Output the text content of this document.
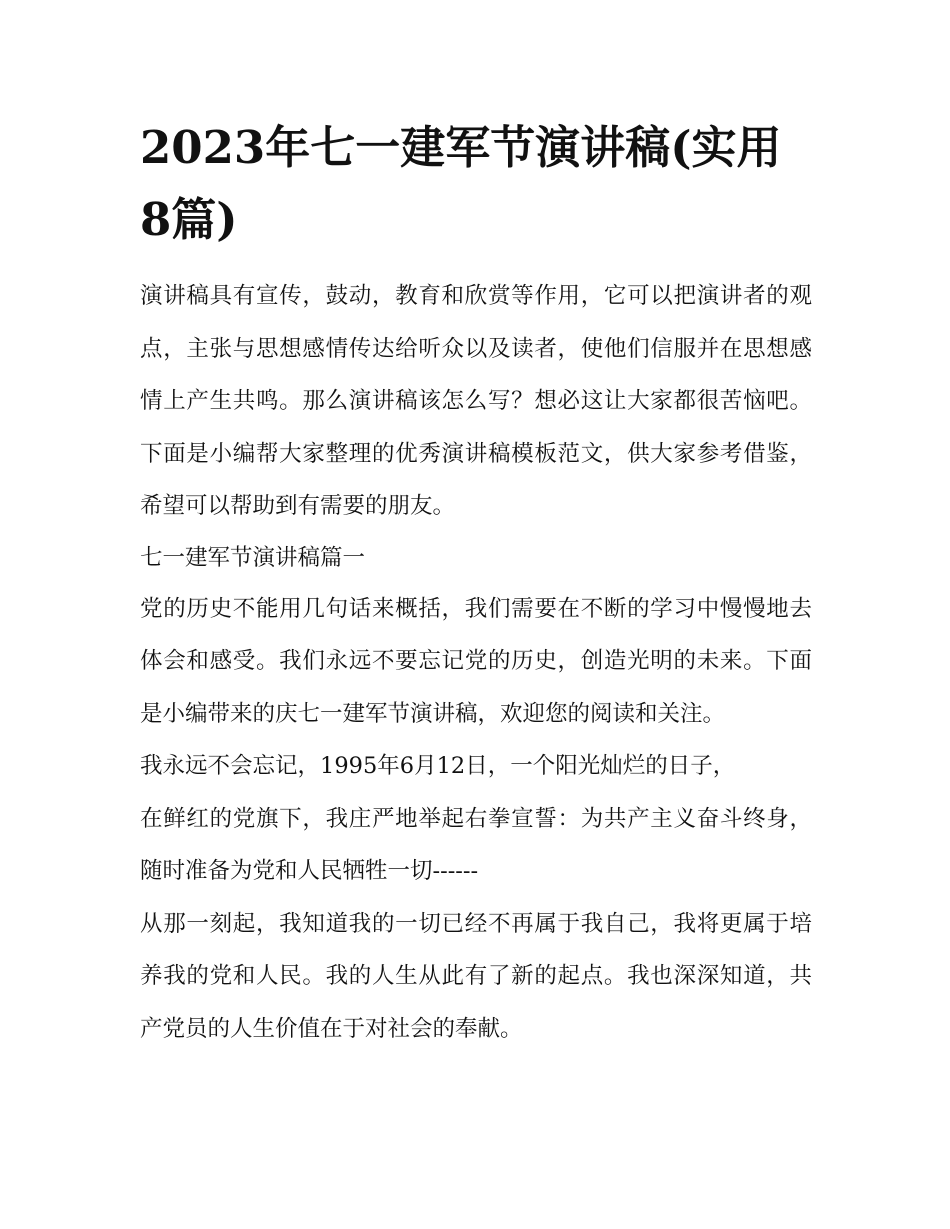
2023年七一建军节演讲稿(实用8篇)

演讲稿具有宣传，鼓动，教育和欣赏等作用，它可以把演讲者的观点，主张与思想感情传达给听众以及读者，使他们信服并在思想感情上产生共鸣。那么演讲稿该怎么写？想必这让大家都很苦恼吧。下面是小编帮大家整理的优秀演讲稿模板范文，供大家参考借鉴，希望可以帮助到有需要的朋友。

七一建军节演讲稿篇一

党的历史不能用几句话来概括，我们需要在不断的学习中慢慢地去体会和感受。我们永远不要忘记党的历史，创造光明的未来。下面是小编带来的庆七一建军节演讲稿，欢迎您的阅读和关注。

我永远不会忘记，1995年6月12日，一个阳光灿烂的日子，

在鲜红的党旗下，我庄严地举起右拳宣誓：为共产主义奋斗终身，随时准备为党和人民牺牲一切------

从那一刻起，我知道我的一切已经不再属于我自己，我将更属于培养我的党和人民。我的人生从此有了新的起点。我也深深知道，共产党员的人生价值在于对社会的奉献。
